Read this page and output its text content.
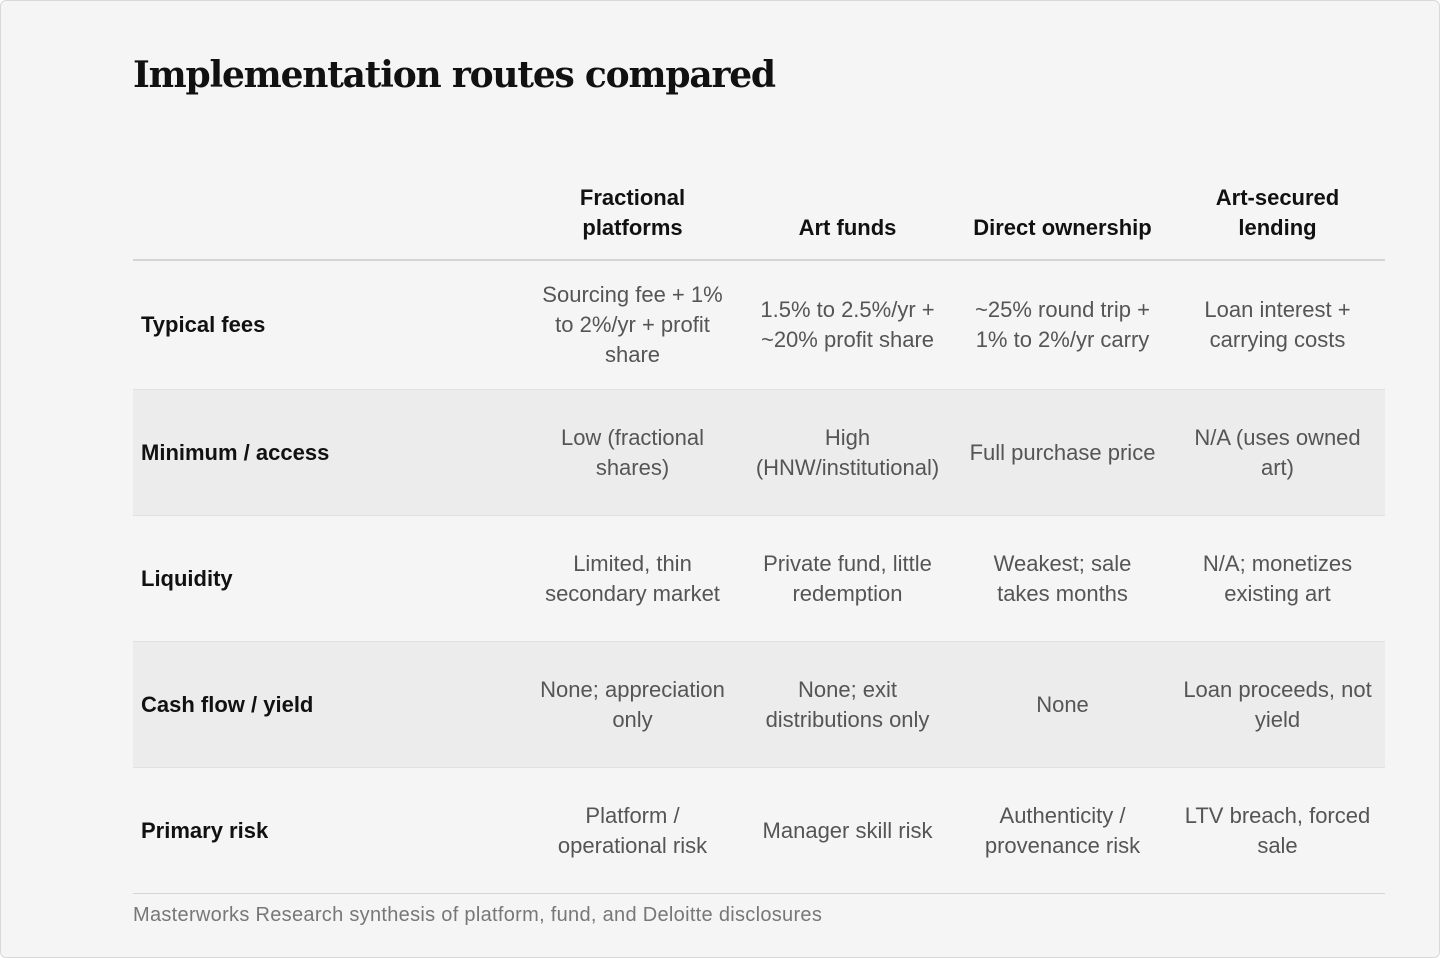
Implementation routes compared
	Fractional platforms	Art funds	Direct ownership	Art-secured lending
Typical fees	Sourcing fee + 1% to 2%/yr + profit share	1.5% to 2.5%/yr + ~20% profit share	~25% round trip + 1% to 2%/yr carry	Loan interest + carrying costs
Minimum / access	Low (fractional shares)	High (HNW/institutional)	Full purchase price	N/A (uses owned art)
Liquidity	Limited, thin secondary market	Private fund, little redemption	Weakest; sale takes months	N/A; monetizes existing art
Cash flow / yield	None; appreciation only	None; exit distributions only	None	Loan proceeds, not yield
Primary risk	Platform / operational risk	Manager skill risk	Authenticity / provenance risk	LTV breach, forced sale
Masterworks Research synthesis of platform, fund, and Deloitte disclosures
